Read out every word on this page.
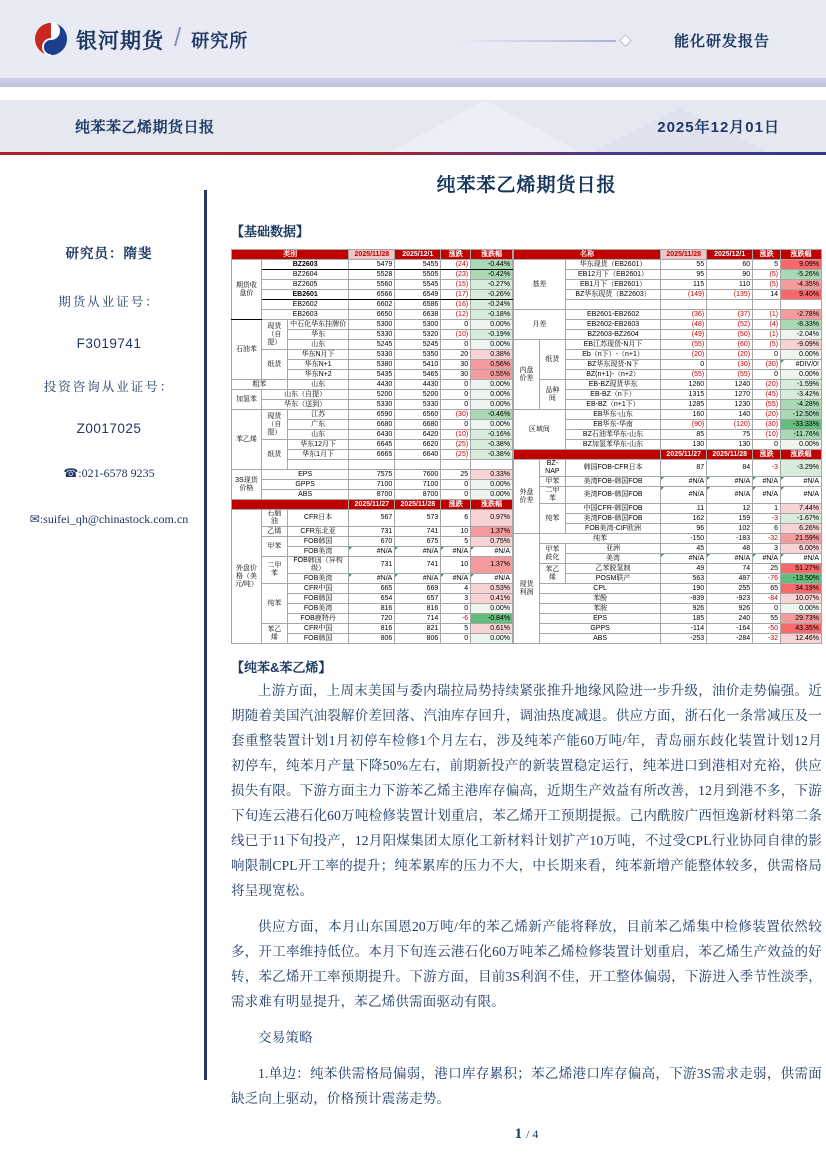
银河期货 / 研究所	能化研发报告
纯苯苯乙烯期货日报	2025年12月01日
研究员：隋斐
期货从业证号：
F3019741
投资咨询从业证号：
Z0017025
☎:021-6578 9235
✉:suifei_qh@chinastock.com.cn
纯苯苯乙烯期货日报
【基础数据】
类别			2025/11/28	2025/12/1	涨跌	涨跌幅
期货收盘价	BZ2603		5479	5455	(24)	-0.44%
	BZ2604		5528	5505	(23)	-0.42%
	BZ2605		5560	5545	(15)	-0.27%
	EB2601		6566	6549	(17)	-0.26%
	EB2602		6602	6586	(16)	-0.24%
	EB2603		6650	6638	(12)	-0.18%
石油苯	现货（自提）	中石化华东挂牌价	5300	5300	0	0.00%
		华东	5330	5320	(10)	-0.19%
		山东	5245	5245	0	0.00%
	纸货	华东N月下	5330	5350	20	0.38%
		华东N+1	5380	5410	30	0.56%
		华东N+2	5435	5465	30	0.55%
粗苯		山东	4430	4430	0	0.00%
加氢苯	山东（自提）		5200	5200	0	0.00%
	华东（送到）		5330	5330	0	0.00%
苯乙烯	现货（自提）	江苏	6590	6560	(30)	-0.46%
		广东	6680	6680	0	0.00%
		山东	6430	6420	(10)	-0.16%
	纸货	华东12月下	6645	6620	(25)	-0.38%
		华东1月下	6665	6640	(25)	-0.38%

3S现货价格	EPS		7575	7600	25	0.33%
	GPPS		7100	7100	0	0.00%
	ABS		8700	8700	0	0.00%
			2025/11/27	2025/11/28	涨跌	涨跌幅
外盘价格（美元/吨）	石脑油	CFR日本	567	573	6	0.97%
	乙烯	CFR东北亚	731	741	10	1.37%
	甲苯	FOB韩国	670	675	5	0.75%
		FOB美湾	#N/A	#N/A	#N/A	#N/A
	二甲苯	FOB韩国（异构级）	731	741	10	1.37%
		FOB美湾	#N/A	#N/A	#N/A	#N/A
	纯苯	CFR中国	665	669	4	0.53%
		FOB韩国	654	657	3	0.41%
		FOB美湾	816	816	0	0.00%
		FOB鹿特丹	720	714	-6	-0.84%
	苯乙烯	CFR中国	816	821	5	0.61%
		FOB韩国	806	806	0	0.00%
名称			2025/11/28	2025/12/1	涨跌	涨跌幅
基差		华东现货（EB2601）	55	60	5	9.09%
		EB12月下（EB2601）	95	90	(5)	-5.26%
		EB1月下（EB2601）	115	110	(5)	-4.35%
		BZ华东现货（BZ2603）	(149)	(135)	14	9.40%

月差		EB2601-EB2602	(36)	(37)	(1)	-2.78%
		EB2602-EB2603	(48)	(52)	(4)	-8.33%
		BZ2603-BZ2604	(49)	(50)	(1)	-2.04%
内盘价差	纸货	EB江苏现货-N月下	(55)	(60)	(5)	-9.09%
		Eb（n下）-（n+1）	(20)	(20)	0	0.00%
		BZ华东现货-N下	0	(30)	(30)	#DIV/0!
		BZ(n+1)-（n+2）	(55)	(55)	0	0.00%
	品种间	EB-BZ现货华东	1260	1240	(20)	-1.59%
		EB-BZ（n下）	1315	1270	(45)	-3.42%
		EB-BZ（n+1下）	1285	1230	(55)	-4.28%
区域间		EB华东-山东	160	140	(20)	-12.50%
		EB华东-华南	(90)	(120)	(30)	-33.33%
		BZ石油苯华东-山东	85	75	(10)	-11.76%
		BZ加氢苯华东-山东	130	130	0	0.00%
			2025/11/27	2025/11/28	涨跌	涨跌幅
外盘价差	BZ-NAP	韩国FOB-CFR日本	87	84	-3	-3.29%
	甲苯	美湾FOB-韩国FOB	#N/A	#N/A	#N/A	#N/A
	二甲苯	美湾FOB-韩国FOB	#N/A	#N/A	#N/A	#N/A
	纯苯	中国CFR-韩国FOB	11	12	1	7.44%
		美湾FOB-韩国FOB	162	159	-3	-1.67%
		FOB美湾-CIF欧洲	96	102	6	6.26%
现货利润	纯苯		-150	-183	-32	21.59%
	甲苯歧化	亚洲	45	48	3	6.00%
		美湾	#N/A	#N/A	#N/A	#N/A
	苯乙烯	乙苯脱氢制	49	74	25	51.27%
		POSM联产	563	487	-76	-13.50%
	CPL		190	255	65	34.19%
	苯酚		-839	-923	-84	10.07%
	苯胺		926	926	0	0.00%
	EPS		185	240	55	29.73%
	GPPS		-114	-164	-50	43.35%
	ABS		-253	-284	-32	12.46%
【纯苯&苯乙烯】

上游方面，上周末美国与委内瑞拉局势持续紧张推升地缘风险进一步升级，油价走势偏强。近期随着美国汽油裂解价差回落、汽油库存回升，调油热度减退。供应方面，浙石化一条常减压及一套重整装置计划1月初停车检修1个月左右，涉及纯苯产能60万吨/年，青岛丽东歧化装置计划12月初停车，纯苯月产量下降50%左右，前期新投产的新装置稳定运行，纯苯进口到港相对充裕，供应损失有限。下游方面主力下游苯乙烯主港库存偏高，近期生产效益有所改善，12月到港不多，下游下旬连云港石化60万吨检修装置计划重启，苯乙烯开工预期提振。己内酰胺广西恒逸新材料第二条线已于11下旬投产，12月阳煤集团太原化工新材料计划扩产10万吨，不过受CPL行业协同自律的影响限制CPL开工率的提升；纯苯累库的压力不大，中长期来看，纯苯新增产能整体较多，供需格局将呈现宽松。

供应方面，本月山东国恩20万吨/年的苯乙烯新产能将释放，目前苯乙烯集中检修装置依然较多，开工率维持低位。本月下旬连云港石化60万吨苯乙烯检修装置计划重启，苯乙烯生产效益的好转，苯乙烯开工率预期提升。下游方面，目前3S利润不佳，开工整体偏弱，下游进入季节性淡季，需求难有明显提升，苯乙烯供需面驱动有限。

交易策略

1.单边：纯苯供需格局偏弱，港口库存累积；苯乙烯港口库存偏高，下游3S需求走弱，供需面缺乏向上驱动，价格预计震荡走势。

1 / 4
